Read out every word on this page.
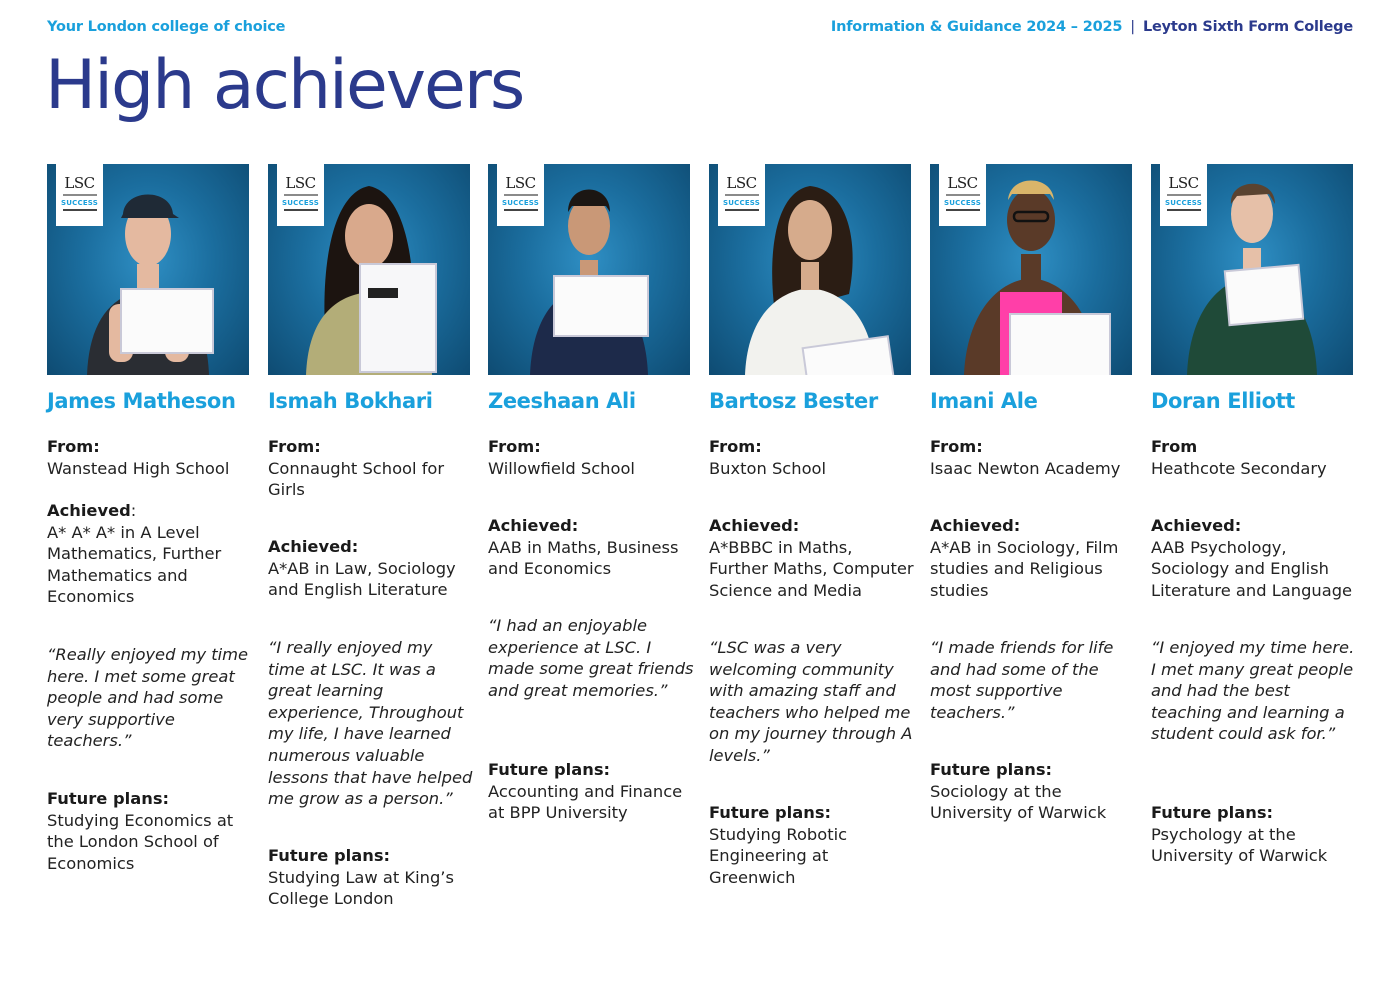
Your London college of choice	Information & Guidance 2024 – 2025 | Leyton Sixth Form College
High achievers
LSC
SUCCESS
James Matheson
From:
Wanstead High School
Achieved:
A* A* A* in A Level Mathematics, Further Mathematics and Economics
“Really enjoyed my time here. I met some great people and had some very supportive teachers.”
Future plans:
Studying Economics at the London School of Economics
LSC
SUCCESS
Ismah Bokhari
From:
Connaught School for Girls
Achieved:
A*AB in Law, Sociology and English Literature
“I really enjoyed my time at LSC. It was a great learning experience, Throughout my life, I have learned numerous valuable lessons that have helped me grow as a person.”
Future plans:
Studying Law at King’s College London
LSC
SUCCESS
Zeeshaan Ali
From:
Willowfield School
Achieved:
AAB in Maths, Business and Economics
“I had an enjoyable experience at LSC. I made some great friends and great memories.”
Future plans:
Accounting and Finance at BPP University
LSC
SUCCESS
Bartosz Bester
From:
Buxton School
Achieved:
A*BBBC in Maths, Further Maths, Computer Science and Media
“LSC was a very welcoming community with amazing staff and teachers who helped me on my journey through A levels.”
Future plans:
Studying Robotic Engineering at Greenwich
LSC
SUCCESS
Imani Ale
From:
Isaac Newton Academy
Achieved:
A*AB in Sociology, Film studies and Religious studies
“I made friends for life and had some of the most supportive teachers.”
Future plans:
Sociology at the University of Warwick
LSC
SUCCESS
Doran Elliott
From
Heathcote Secondary
Achieved:
AAB Psychology, Sociology and English Literature and Language
“I enjoyed my time here. I met many great people and had the best teaching and learning a student could ask for.”
Future plans:
Psychology at the University of Warwick
